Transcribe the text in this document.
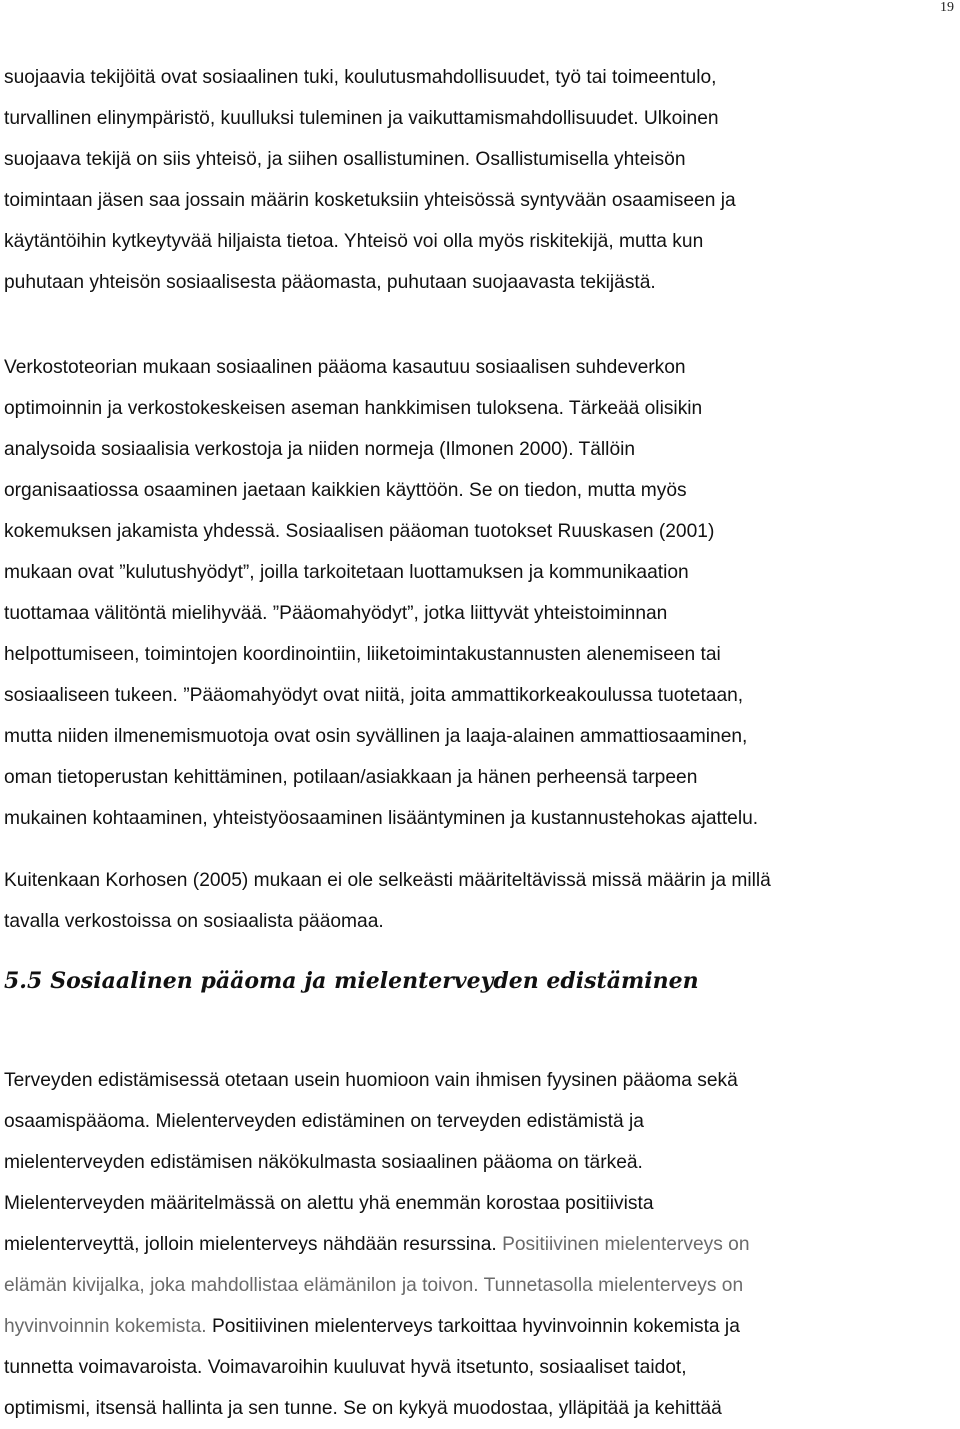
19
suojaavia tekijöitä ovat sosiaalinen tuki, koulutusmahdollisuudet, työ tai toimeentulo,
turvallinen elinympäristö, kuulluksi tuleminen ja vaikuttamismahdollisuudet. Ulkoinen
suojaava tekijä on siis yhteisö, ja siihen osallistuminen. Osallistumisella yhteisön
toimintaan jäsen saa jossain määrin kosketuksiin yhteisössä syntyvään osaamiseen ja
käytäntöihin kytkeytyvää hiljaista tietoa. Yhteisö voi olla myös riskitekijä, mutta kun
puhutaan yhteisön sosiaalisesta pääomasta, puhutaan suojaavasta tekijästä.
Verkostoteorian mukaan sosiaalinen pääoma kasautuu sosiaalisen suhdeverkon
optimoinnin ja verkostokeskeisen aseman hankkimisen tuloksena. Tärkeää olisikin
analysoida sosiaalisia verkostoja ja niiden normeja (Ilmonen 2000). Tällöin
organisaatiossa osaaminen jaetaan kaikkien käyttöön. Se on tiedon, mutta myös
kokemuksen jakamista yhdessä. Sosiaalisen pääoman tuotokset Ruuskasen (2001)
mukaan ovat ”kulutushyödyt”, joilla tarkoitetaan luottamuksen ja kommunikaation
tuottamaa välitöntä mielihyvää. ”Pääomahyödyt”, jotka liittyvät yhteistoiminnan
helpottumiseen, toimintojen koordinointiin, liiketoimintakustannusten alenemiseen tai
sosiaaliseen tukeen. ”Pääomahyödyt ovat niitä, joita ammattikorkeakoulussa tuotetaan,
mutta niiden ilmenemismuotoja ovat osin syvällinen ja laaja-alainen ammattiosaaminen,
oman tietoperustan kehittäminen, potilaan/asiakkaan ja hänen perheensä tarpeen
mukainen kohtaaminen, yhteistyöosaaminen lisääntyminen ja kustannustehokas ajattelu.
Kuitenkaan Korhosen (2005) mukaan ei ole selkeästi määriteltävissä missä määrin ja millä
tavalla verkostoissa on sosiaalista pääomaa.
5.5 Sosiaalinen pääoma ja mielenterveyden edistäminen
Terveyden edistämisessä otetaan usein huomioon vain ihmisen fyysinen pääoma sekä
osaamispääoma. Mielenterveyden edistäminen on terveyden edistämistä ja
mielenterveyden edistämisen näkökulmasta sosiaalinen pääoma on tärkeä.
Mielenterveyden määritelmässä on alettu yhä enemmän korostaa positiivista
mielenterveyttä, jolloin mielenterveys nähdään resurssina. Positiivinen mielenterveys on
elämän kivijalka, joka mahdollistaa elämänilon ja toivon. Tunnetasolla mielenterveys on
hyvinvoinnin kokemista. Positiivinen mielenterveys tarkoittaa hyvinvoinnin kokemista ja
tunnetta voimavaroista. Voimavaroihin kuuluvat hyvä itsetunto, sosiaaliset taidot,
optimismi, itsensä hallinta ja sen tunne. Se on kykyä muodostaa, ylläpitää ja kehittää
